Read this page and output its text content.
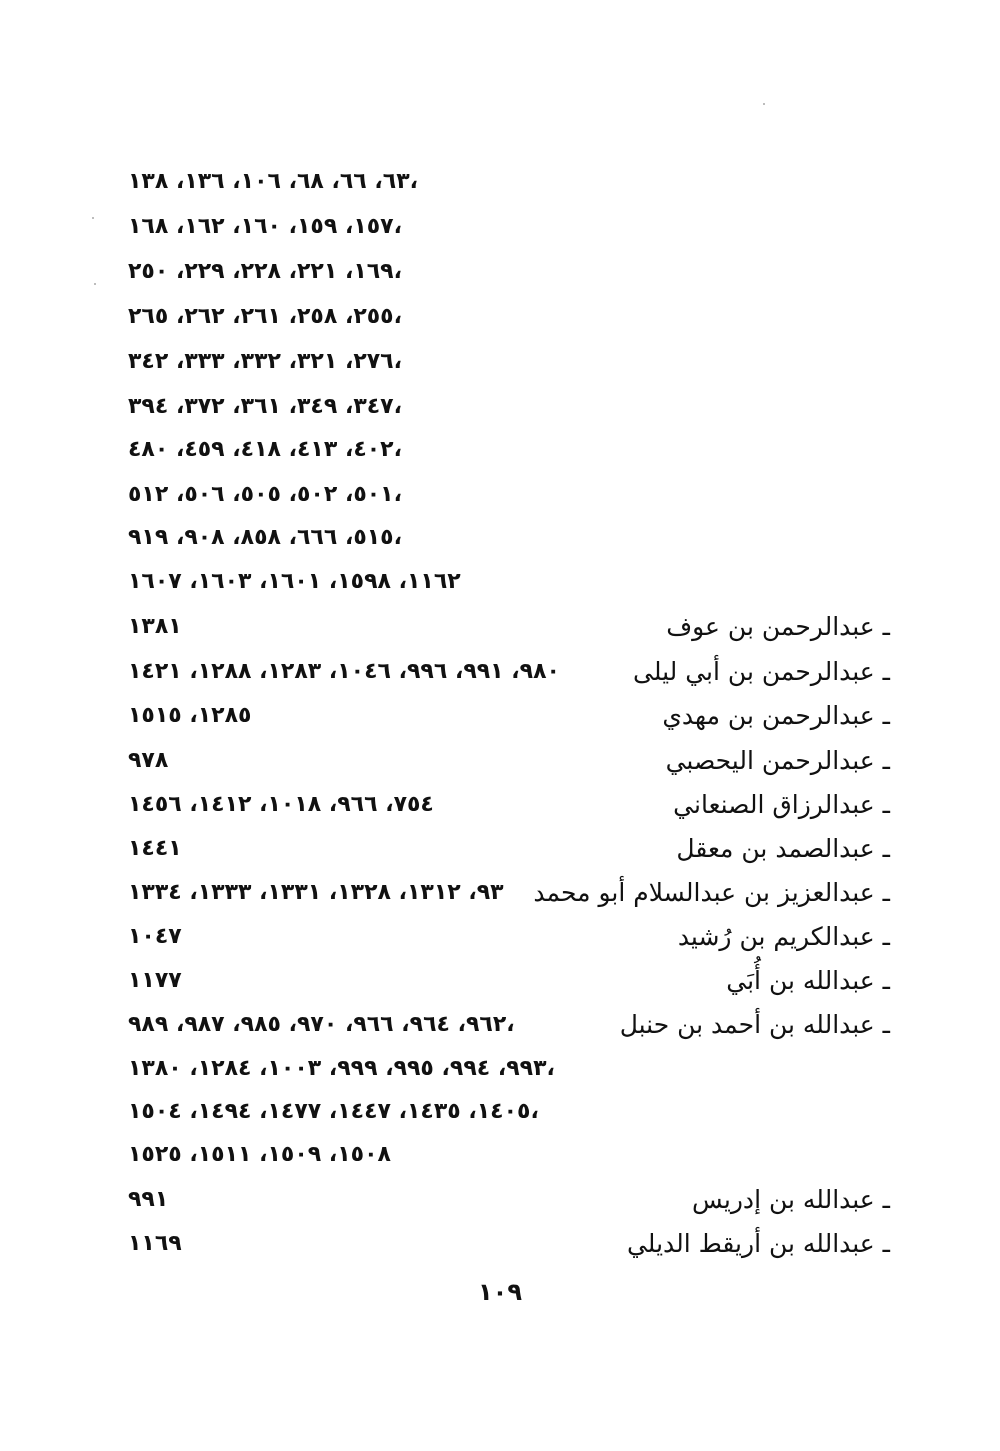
٦٣، ٦٦، ٦٨، ١٠٦، ١٣٦، ١٣٨،
١٥٧، ١٥٩، ١٦٠، ١٦٢، ١٦٨،
١٦٩، ٢٢١، ٢٢٨، ٢٢٩، ٢٥٠،
٢٥٥، ٢٥٨، ٢٦١، ٢٦٢، ٢٦٥،
٢٧٦، ٣٢١، ٣٣٢، ٣٣٣، ٣٤٢،
٣٤٧، ٣٤٩، ٣٦١، ٣٧٢، ٣٩٤،
٤٠٢، ٤١٣، ٤١٨، ٤٥٩، ٤٨٠،
٥٠١، ٥٠٢، ٥٠٥، ٥٠٦، ٥١٢،
٥١٥، ٦٦٦، ٨٥٨، ٩٠٨، ٩١٩،
١١٦٢، ١٥٩٨، ١٦٠١، ١٦٠٣، ١٦٠٧
ـ عبدالرحمن بن عوف
١٣٨١
ـ عبدالرحمن بن أبي ليلى
٩٨٠، ٩٩١، ٩٩٦، ١٠٤٦، ١٢٨٣، ١٢٨٨، ١٤٢١
ـ عبدالرحمن بن مهدي
١٢٨٥، ١٥١٥
ـ عبدالرحمن اليحصبي
٩٧٨
ـ عبدالرزاق الصنعاني
٧٥٤، ٩٦٦، ١٠١٨، ١٤١٢، ١٤٥٦
ـ عبدالصمد بن معقل
١٤٤١
ـ عبدالعزيز بن عبدالسلام أبو محمد
٩٣، ١٣١٢، ١٣٢٨، ١٣٣١، ١٣٣٣، ١٣٣٤
ـ عبدالكريم بن رُشيد
١٠٤٧
ـ عبدالله بن أُبَي
١١٧٧
ـ عبدالله بن أحمد بن حنبل
٩٦٢، ٩٦٤، ٩٦٦، ٩٧٠، ٩٨٥، ٩٨٧، ٩٨٩،
٩٩٣، ٩٩٤، ٩٩٥، ٩٩٩، ١٠٠٣، ١٢٨٤، ١٣٨٠،
١٤٠٥، ١٤٣٥، ١٤٤٧، ١٤٧٧، ١٤٩٤، ١٥٠٤،
١٥٠٨، ١٥٠٩، ١٥١١، ١٥٢٥
ـ عبدالله بن إدريس
٩٩١
ـ عبدالله بن أريقط الديلي
١١٦٩
١٠٩
